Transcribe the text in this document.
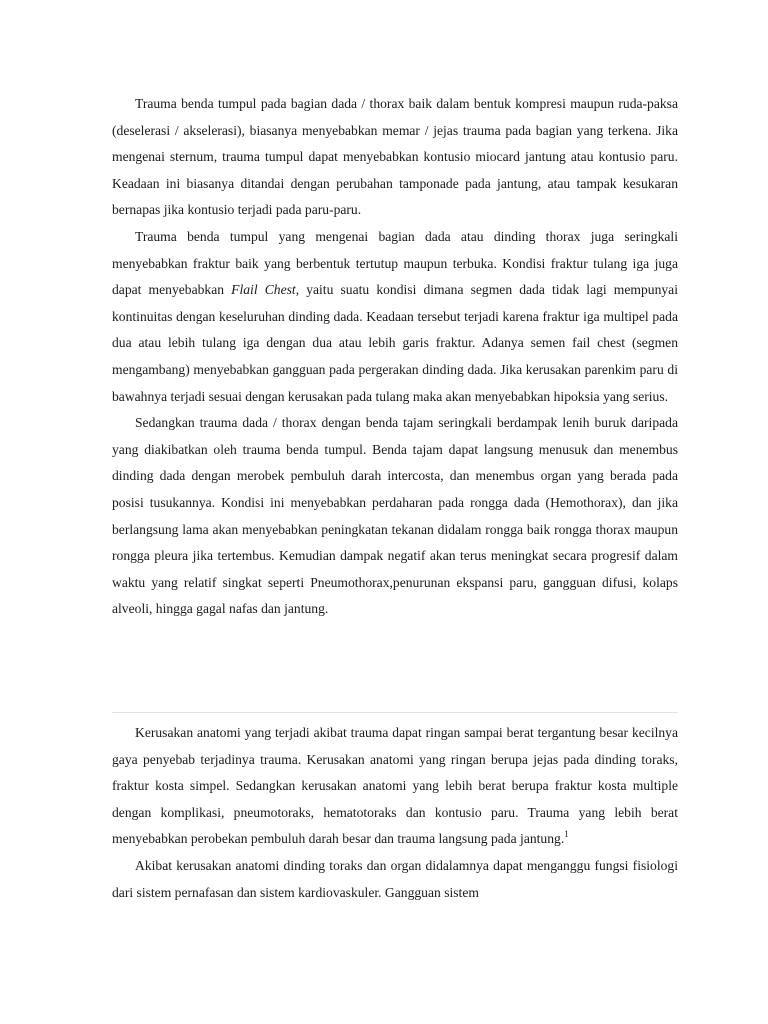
Trauma benda tumpul pada bagian dada / thorax baik dalam bentuk kompresi maupun ruda-paksa (deselerasi / akselerasi), biasanya menyebabkan memar / jejas trauma pada bagian yang terkena. Jika mengenai sternum, trauma tumpul dapat menyebabkan kontusio miocard jantung atau kontusio paru. Keadaan ini biasanya ditandai dengan perubahan tamponade pada jantung, atau tampak kesukaran bernapas jika kontusio terjadi pada paru-paru.

Trauma benda tumpul yang mengenai bagian dada atau dinding thorax juga seringkali menyebabkan fraktur baik yang berbentuk tertutup maupun terbuka. Kondisi fraktur tulang iga juga dapat menyebabkan Flail Chest, yaitu suatu kondisi dimana segmen dada tidak lagi mempunyai kontinuitas dengan keseluruhan dinding dada. Keadaan tersebut terjadi karena fraktur iga multipel pada dua atau lebih tulang iga dengan dua atau lebih garis fraktur. Adanya semen fail chest (segmen mengambang) menyebabkan gangguan pada pergerakan dinding dada. Jika kerusakan parenkim paru di bawahnya terjadi sesuai dengan kerusakan pada tulang maka akan menyebabkan hipoksia yang serius.

Sedangkan trauma dada / thorax dengan benda tajam seringkali berdampak lenih buruk daripada yang diakibatkan oleh trauma benda tumpul. Benda tajam dapat langsung menusuk dan menembus dinding dada dengan merobek pembuluh darah intercosta, dan menembus organ yang berada pada posisi tusukannya. Kondisi ini menyebabkan perdaharan pada rongga dada (Hemothorax), dan jika berlangsung lama akan menyebabkan peningkatan tekanan didalam rongga baik rongga thorax maupun rongga pleura jika tertembus. Kemudian dampak negatif akan terus meningkat secara progresif dalam waktu yang relatif singkat seperti Pneumothorax,penurunan ekspansi paru, gangguan difusi, kolaps alveoli, hingga gagal nafas dan jantung.

Kerusakan anatomi yang terjadi akibat trauma dapat ringan sampai berat tergantung besar kecilnya gaya penyebab terjadinya trauma. Kerusakan anatomi yang ringan berupa jejas pada dinding toraks, fraktur kosta simpel. Sedangkan kerusakan anatomi yang lebih berat berupa fraktur kosta multiple dengan komplikasi, pneumotoraks, hematotoraks dan kontusio paru. Trauma yang lebih berat menyebabkan perobekan pembuluh darah besar dan trauma langsung pada jantung.$^1$

Akibat kerusakan anatomi dinding toraks dan organ didalamnya dapat menganggu fungsi fisiologi dari sistem pernafasan dan sistem kardiovaskuler. Gangguan sistem
